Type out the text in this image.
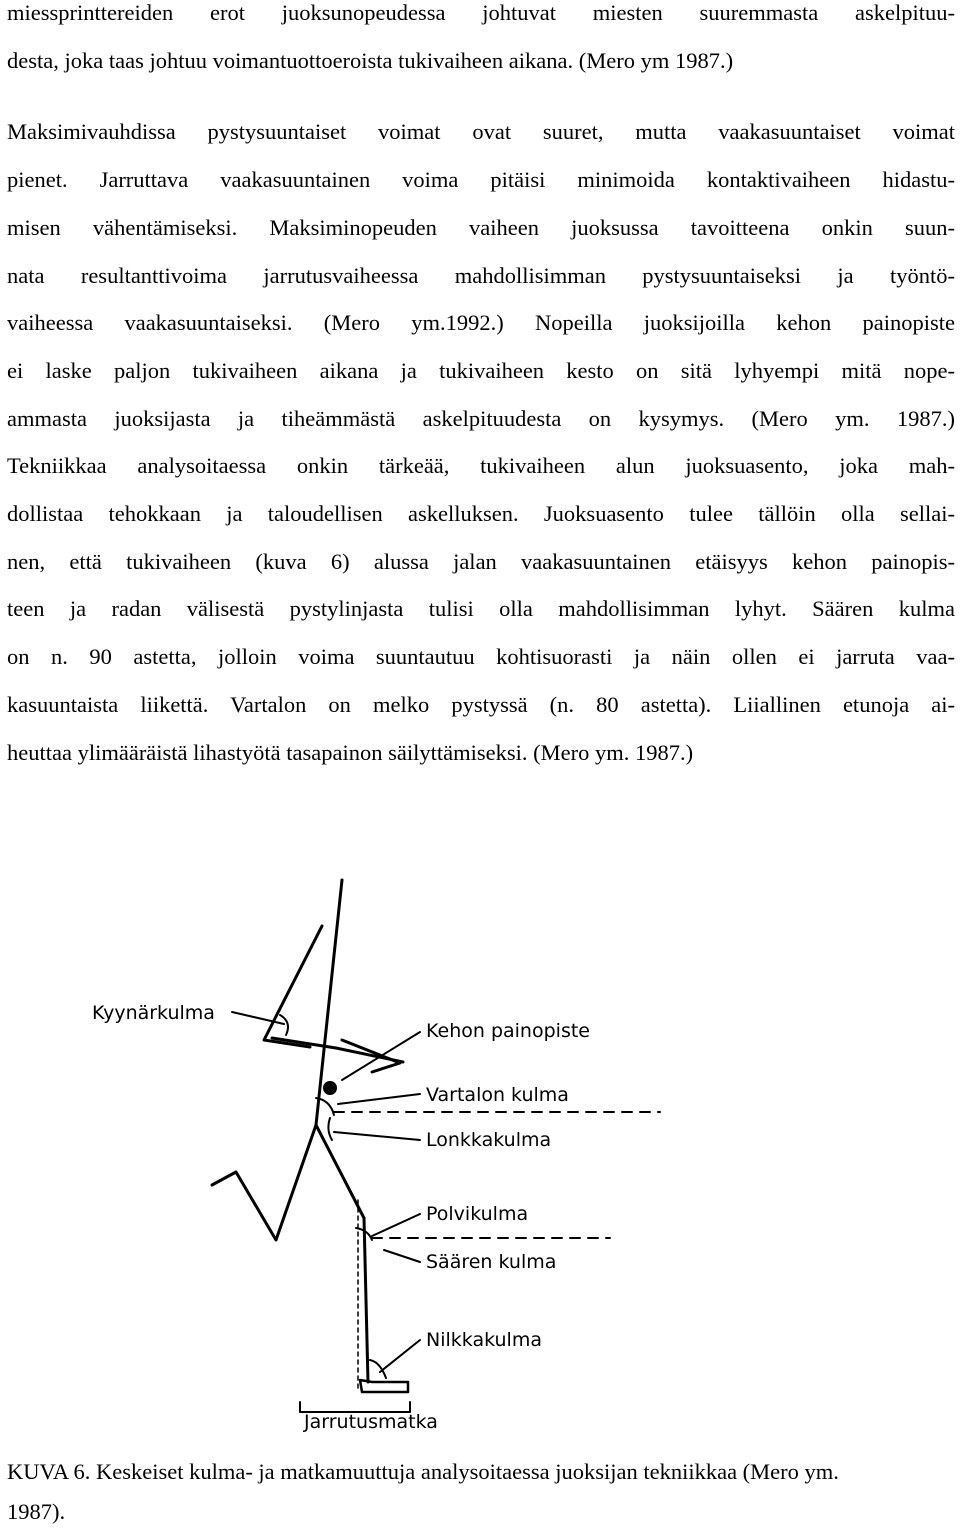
miessprinttereiden erot juoksunopeudessa johtuvat miesten suuremmasta askelpituu-
desta, joka taas johtuu voimantuottoeroista tukivaiheen aikana. (Mero ym 1987.)
Maksimivauhdissa pystysuuntaiset voimat ovat suuret, mutta vaakasuuntaiset voimat
pienet. Jarruttava vaakasuuntainen voima pitäisi minimoida kontaktivaiheen hidastu-
misen vähentämiseksi. Maksiminopeuden vaiheen juoksussa tavoitteena onkin suun-
nata resultanttivoima jarrutusvaiheessa mahdollisimman pystysuuntaiseksi ja työntö-
vaiheessa vaakasuuntaiseksi. (Mero ym.1992.) Nopeilla juoksijoilla kehon painopiste
ei laske paljon tukivaiheen aikana ja tukivaiheen kesto on sitä lyhyempi mitä nope-
ammasta juoksijasta ja tiheämmästä askelpituudesta on kysymys. (Mero ym. 1987.)
Tekniikkaa analysoitaessa onkin tärkeää, tukivaiheen alun juoksuasento, joka mah-
dollistaa tehokkaan ja taloudellisen askelluksen. Juoksuasento tulee tällöin olla sellai-
nen, että tukivaiheen (kuva 6) alussa jalan vaakasuuntainen etäisyys kehon painopis-
teen ja radan välisestä pystylinjasta tulisi olla mahdollisimman lyhyt. Säären kulma
on n. 90 astetta, jolloin voima suuntautuu kohtisuorasti ja näin ollen ei jarruta vaa-
kasuuntaista liikettä. Vartalon on melko pystyssä (n. 80 astetta). Liiallinen etunoja ai-
heuttaa ylimääräistä lihastyötä tasapainon säilyttämiseksi. (Mero ym. 1987.)
Kyynärkulma
Kehon painopiste
Vartalon kulma
Lonkkakulma
Polvikulma
Säären kulma
Nilkkakulma
Jarrutusmatka
KUVA 6. Keskeiset kulma- ja matkamuuttuja analysoitaessa juoksijan tekniikkaa (Mero ym.
1987).
